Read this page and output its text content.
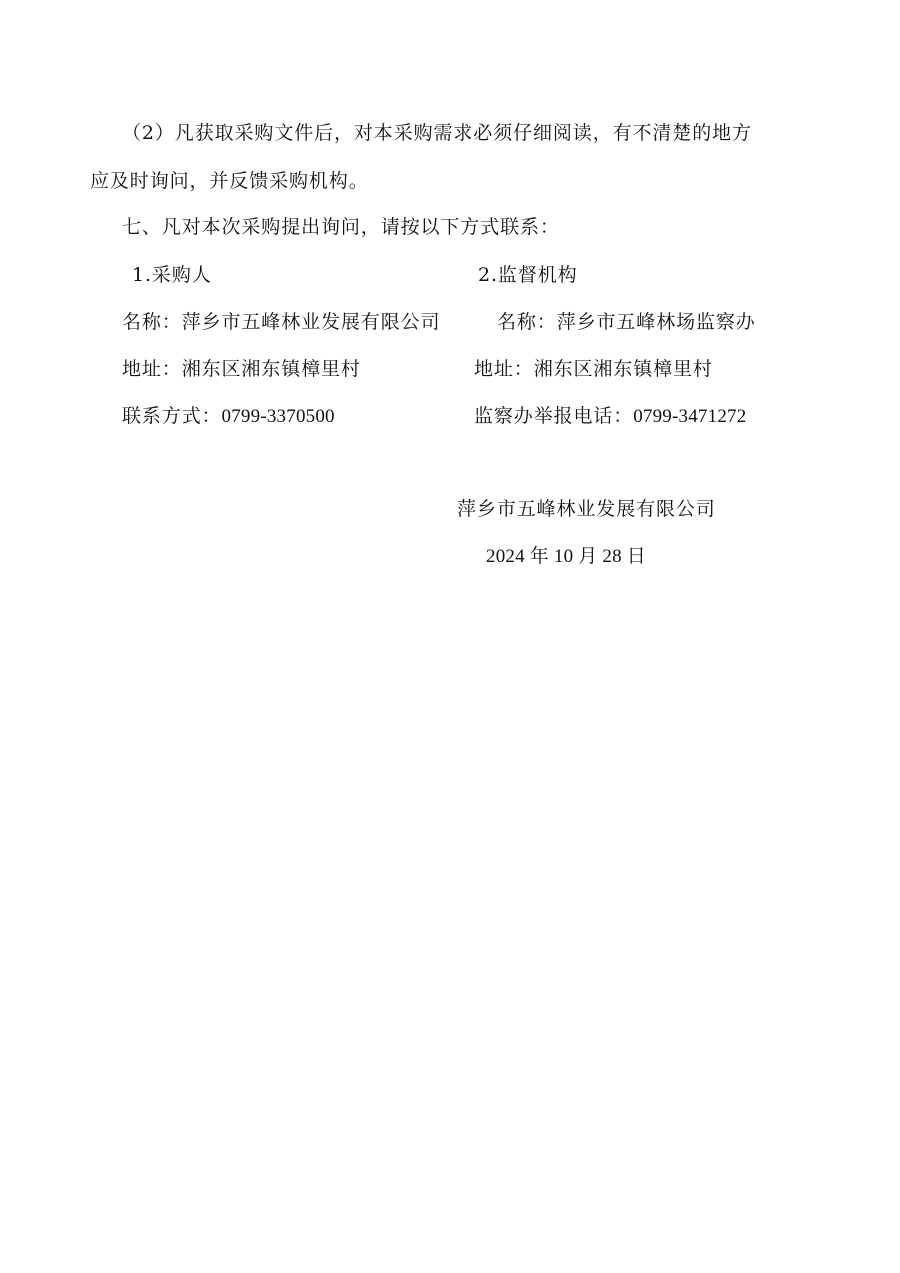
（2）凡获取采购文件后，对本采购需求必须仔细阅读，有不清楚的地方
应及时询问，并反馈采购机构。
七、凡对本次采购提出询问，请按以下方式联系：
1.采购人	2.监督机构
名称：萍乡市五峰林业发展有限公司	名称：萍乡市五峰林场监察办
地址：湘东区湘东镇樟里村	地址：湘东区湘东镇樟里村
联系方式：0799-3370500	监察办举报电话：0799-3471272
萍乡市五峰林业发展有限公司
2024 年 10 月 28 日
